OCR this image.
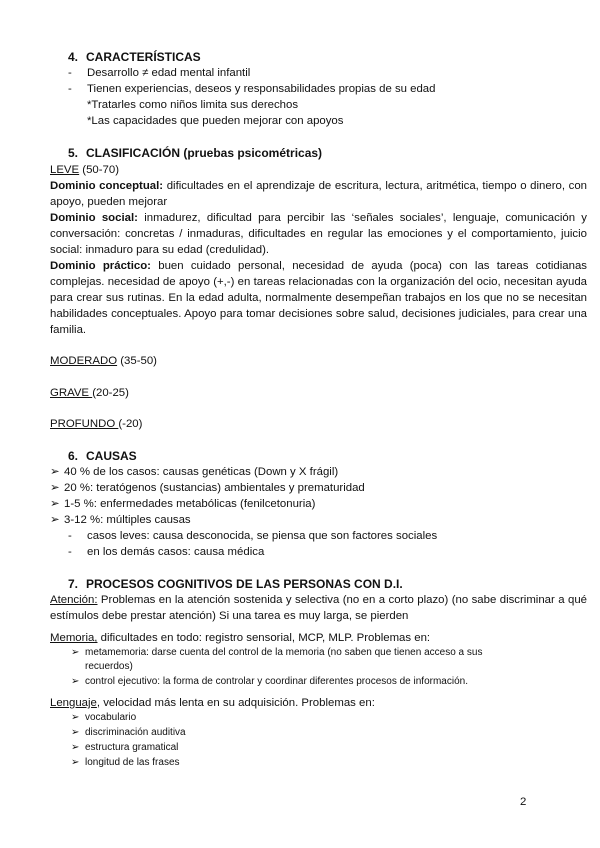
4. CARACTERÍSTICAS
- Desarrollo ≠ edad mental infantil
- Tienen experiencias, deseos y responsabilidades propias de su edad
*Tratarles como niños limita sus derechos
*Las capacidades que pueden mejorar con apoyos
5. CLASIFICACIÓN (pruebas psicométricas)
LEVE (50-70)
Dominio conceptual: dificultades en el aprendizaje de escritura, lectura, aritmética, tiempo o dinero, con apoyo, pueden mejorar
Dominio social: inmadurez, dificultad para percibir las ‘señales sociales’, lenguaje, comunicación y conversación: concretas / inmaduras, dificultades en regular las emociones y el comportamiento, juicio social: inmaduro para su edad (credulidad).
Dominio práctico: buen cuidado personal, necesidad de ayuda (poca) con las tareas cotidianas complejas. necesidad de apoyo (+,-) en tareas relacionadas con la organización del ocio, necesitan ayuda para crear sus rutinas. En la edad adulta, normalmente desempeñan trabajos en los que no se necesitan habilidades conceptuales. Apoyo para tomar decisiones sobre salud, decisiones judiciales, para crear una familia.
MODERADO (35-50)
GRAVE (20-25)
PROFUNDO (-20)
6. CAUSAS
➢ 40 % de los casos: causas genéticas (Down y X frágil)
➢ 20 %: teratógenos (sustancias) ambientales y prematuridad
➢ 1-5 %: enfermedades metabólicas (fenilcetonuria)
➢ 3-12 %: múltiples causas
- casos leves: causa desconocida, se piensa que son factores sociales
- en los demás casos: causa médica
7. PROCESOS COGNITIVOS DE LAS PERSONAS CON D.I.
Atención: Problemas en la atención sostenida y selectiva (no en a corto plazo) (no sabe discriminar a qué estímulos debe prestar atención) Si una tarea es muy larga, se pierden
Memoria, dificultades en todo: registro sensorial, MCP, MLP. Problemas en:
➢ metamemoria: darse cuenta del control de la memoria (no saben que tienen acceso a sus
recuerdos)
➢ control ejecutivo: la forma de controlar y coordinar diferentes procesos de información.
Lenguaje, velocidad más lenta en su adquisición. Problemas en:
➢ vocabulario
➢ discriminación auditiva
➢ estructura gramatical
➢ longitud de las frases
2
